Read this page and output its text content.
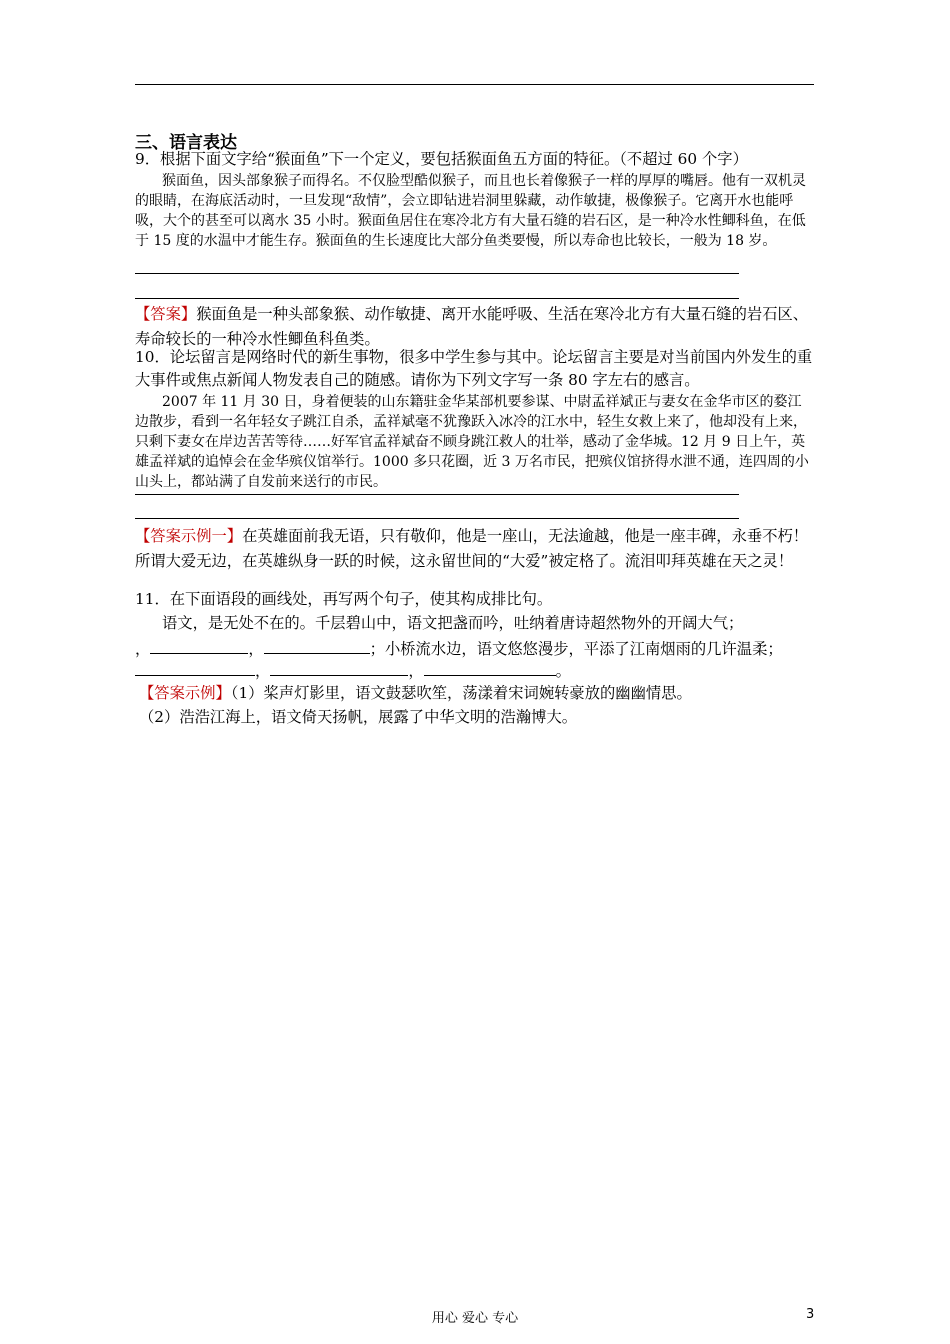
三、语言表达

9．根据下面文字给“猴面鱼”下一个定义，要包括猴面鱼五方面的特征。（不超过 60 个字）

猴面鱼，因头部象猴子而得名。不仅脸型酷似猴子，而且也长着像猴子一样的厚厚的嘴唇。他有一双机灵的眼睛，在海底活动时，一旦发现“敌情”，会立即钻进岩洞里躲藏，动作敏捷，极像猴子。它离开水也能呼吸，大个的甚至可以离水 35 小时。猴面鱼居住在寒冷北方有大量石缝的岩石区，是一种冷水性鲫科鱼，在低于 15 度的水温中才能生存。猴面鱼的生长速度比大部分鱼类要慢，所以寿命也比较长，一般为 18 岁。

【答案】猴面鱼是一种头部象猴、动作敏捷、离开水能呼吸、生活在寒冷北方有大量石缝的岩石区、寿命较长的一种冷水性鲫鱼科鱼类。

10．论坛留言是网络时代的新生事物，很多中学生参与其中。论坛留言主要是对当前国内外发生的重大事件或焦点新闻人物发表自己的随感。请你为下列文字写一条 80 字左右的感言。

2007 年 11 月 30 日，身着便装的山东籍驻金华某部机要参谋、中尉孟祥斌正与妻女在金华市区的婺江边散步，看到一名年轻女子跳江自杀，孟祥斌毫不犹豫跃入冰冷的江水中，轻生女救上来了，他却没有上来，只剩下妻女在岸边苦苦等待……好军官孟祥斌奋不顾身跳江救人的壮举，感动了金华城。12 月 9 日上午，英雄孟祥斌的追悼会在金华殡仪馆举行。1000 多只花圈，近 3 万名市民，把殡仪馆挤得水泄不通，连四周的小山头上，都站满了自发前来送行的市民。

【答案示例一】在英雄面前我无语，只有敬仰，他是一座山，无法逾越，他是一座丰碑，永垂不朽！所谓大爱无边，在英雄纵身一跃的时候，这永留世间的“大爱”被定格了。流泪叩拜英雄在天之灵！

11．在下面语段的画线处，再写两个句子，使其构成排比句。

语文，是无处不在的。千层碧山中，语文把盏而吟，吐纳着唐诗超然物外的开阔大气；

，	，	；小桥流水边，语文悠悠漫步，平添了江南烟雨的几许温柔；

，	，	。

【答案示例】（1）桨声灯影里，语文鼓瑟吹笙，荡漾着宋词婉转豪放的幽幽情思。

（2）浩浩江海上，语文倚天扬帆，展露了中华文明的浩瀚博大。

用心 爱心 专心	3
